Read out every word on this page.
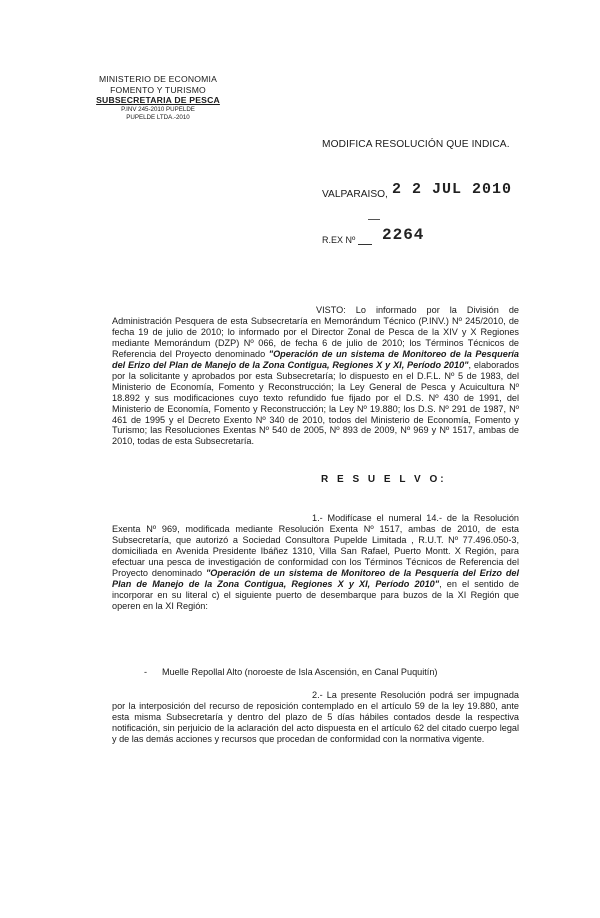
MINISTERIO DE ECONOMIA
FOMENTO Y TURISMO
SUBSECRETARIA DE PESCA
P.INV 245-2010 PUPELDE
PUPELDE LTDA.-2010
MODIFICA RESOLUCIÓN QUE INDICA.
VALPARAISO, 2 2 JUL 2010
R.EX Nº 2264

VISTO: Lo informado por la División de Administración Pesquera de esta Subsecretaría en Memorándum Técnico (P.INV.) Nº 245/2010, de fecha 19 de julio de 2010; lo informado por el Director Zonal de Pesca de la XIV y X Regiones mediante Memorándum (DZP) Nº 066, de fecha 6 de julio de 2010; los Términos Técnicos de Referencia del Proyecto denominado "Operación de un sistema de Monitoreo de la Pesquería del Erizo del Plan de Manejo de la Zona Contigua, Regiones X y XI, Período 2010", elaborados por la solicitante y aprobados por esta Subsecretaría; lo dispuesto en el D.F.L. Nº 5 de 1983, del Ministerio de Economía, Fomento y Reconstrucción; la Ley General de Pesca y Acuicultura Nº 18.892 y sus modificaciones cuyo texto refundido fue fijado por el D.S. Nº 430 de 1991, del Ministerio de Economía, Fomento y Reconstrucción; la Ley Nº 19.880; los D.S. Nº 291 de 1987, Nº 461 de 1995 y el Decreto Exento Nº 340 de 2010, todos del Ministerio de Economía, Fomento y Turismo; las Resoluciones Exentas Nº 540 de 2005, Nº 893 de 2009, Nº 969 y Nº 1517, ambas de 2010, todas de esta Subsecretaría.

R E S U E L V O:

1.- Modifícase el numeral 14.- de la Resolución Exenta Nº 969, modificada mediante Resolución Exenta Nº 1517, ambas de 2010, de esta Subsecretaría, que autorizó a Sociedad Consultora Pupelde Limitada , R.U.T. Nº 77.496.050-3, domiciliada en Avenida Presidente Ibáñez 1310, Villa San Rafael, Puerto Montt. X Región, para efectuar una pesca de investigación de conformidad con los Términos Técnicos de Referencia del Proyecto denominado "Operación de un sistema de Monitoreo de la Pesquería del Erizo del Plan de Manejo de la Zona Contigua, Regiones X y XI, Período 2010", en el sentido de incorporar en su literal c) el siguiente puerto de desembarque para buzos de la XI Región que operen en la XI Región:

- Muelle Repollal Alto (noroeste de Isla Ascensión, en Canal Puquitín)

2.- La presente Resolución podrá ser impugnada por la interposición del recurso de reposición contemplado en el artículo 59 de la ley 19.880, ante esta misma Subsecretaría y dentro del plazo de 5 días hábiles contados desde la respectiva notificación, sin perjuicio de la aclaración del acto dispuesta en el artículo 62 del citado cuerpo legal y de las demás acciones y recursos que procedan de conformidad con la normativa vigente.
